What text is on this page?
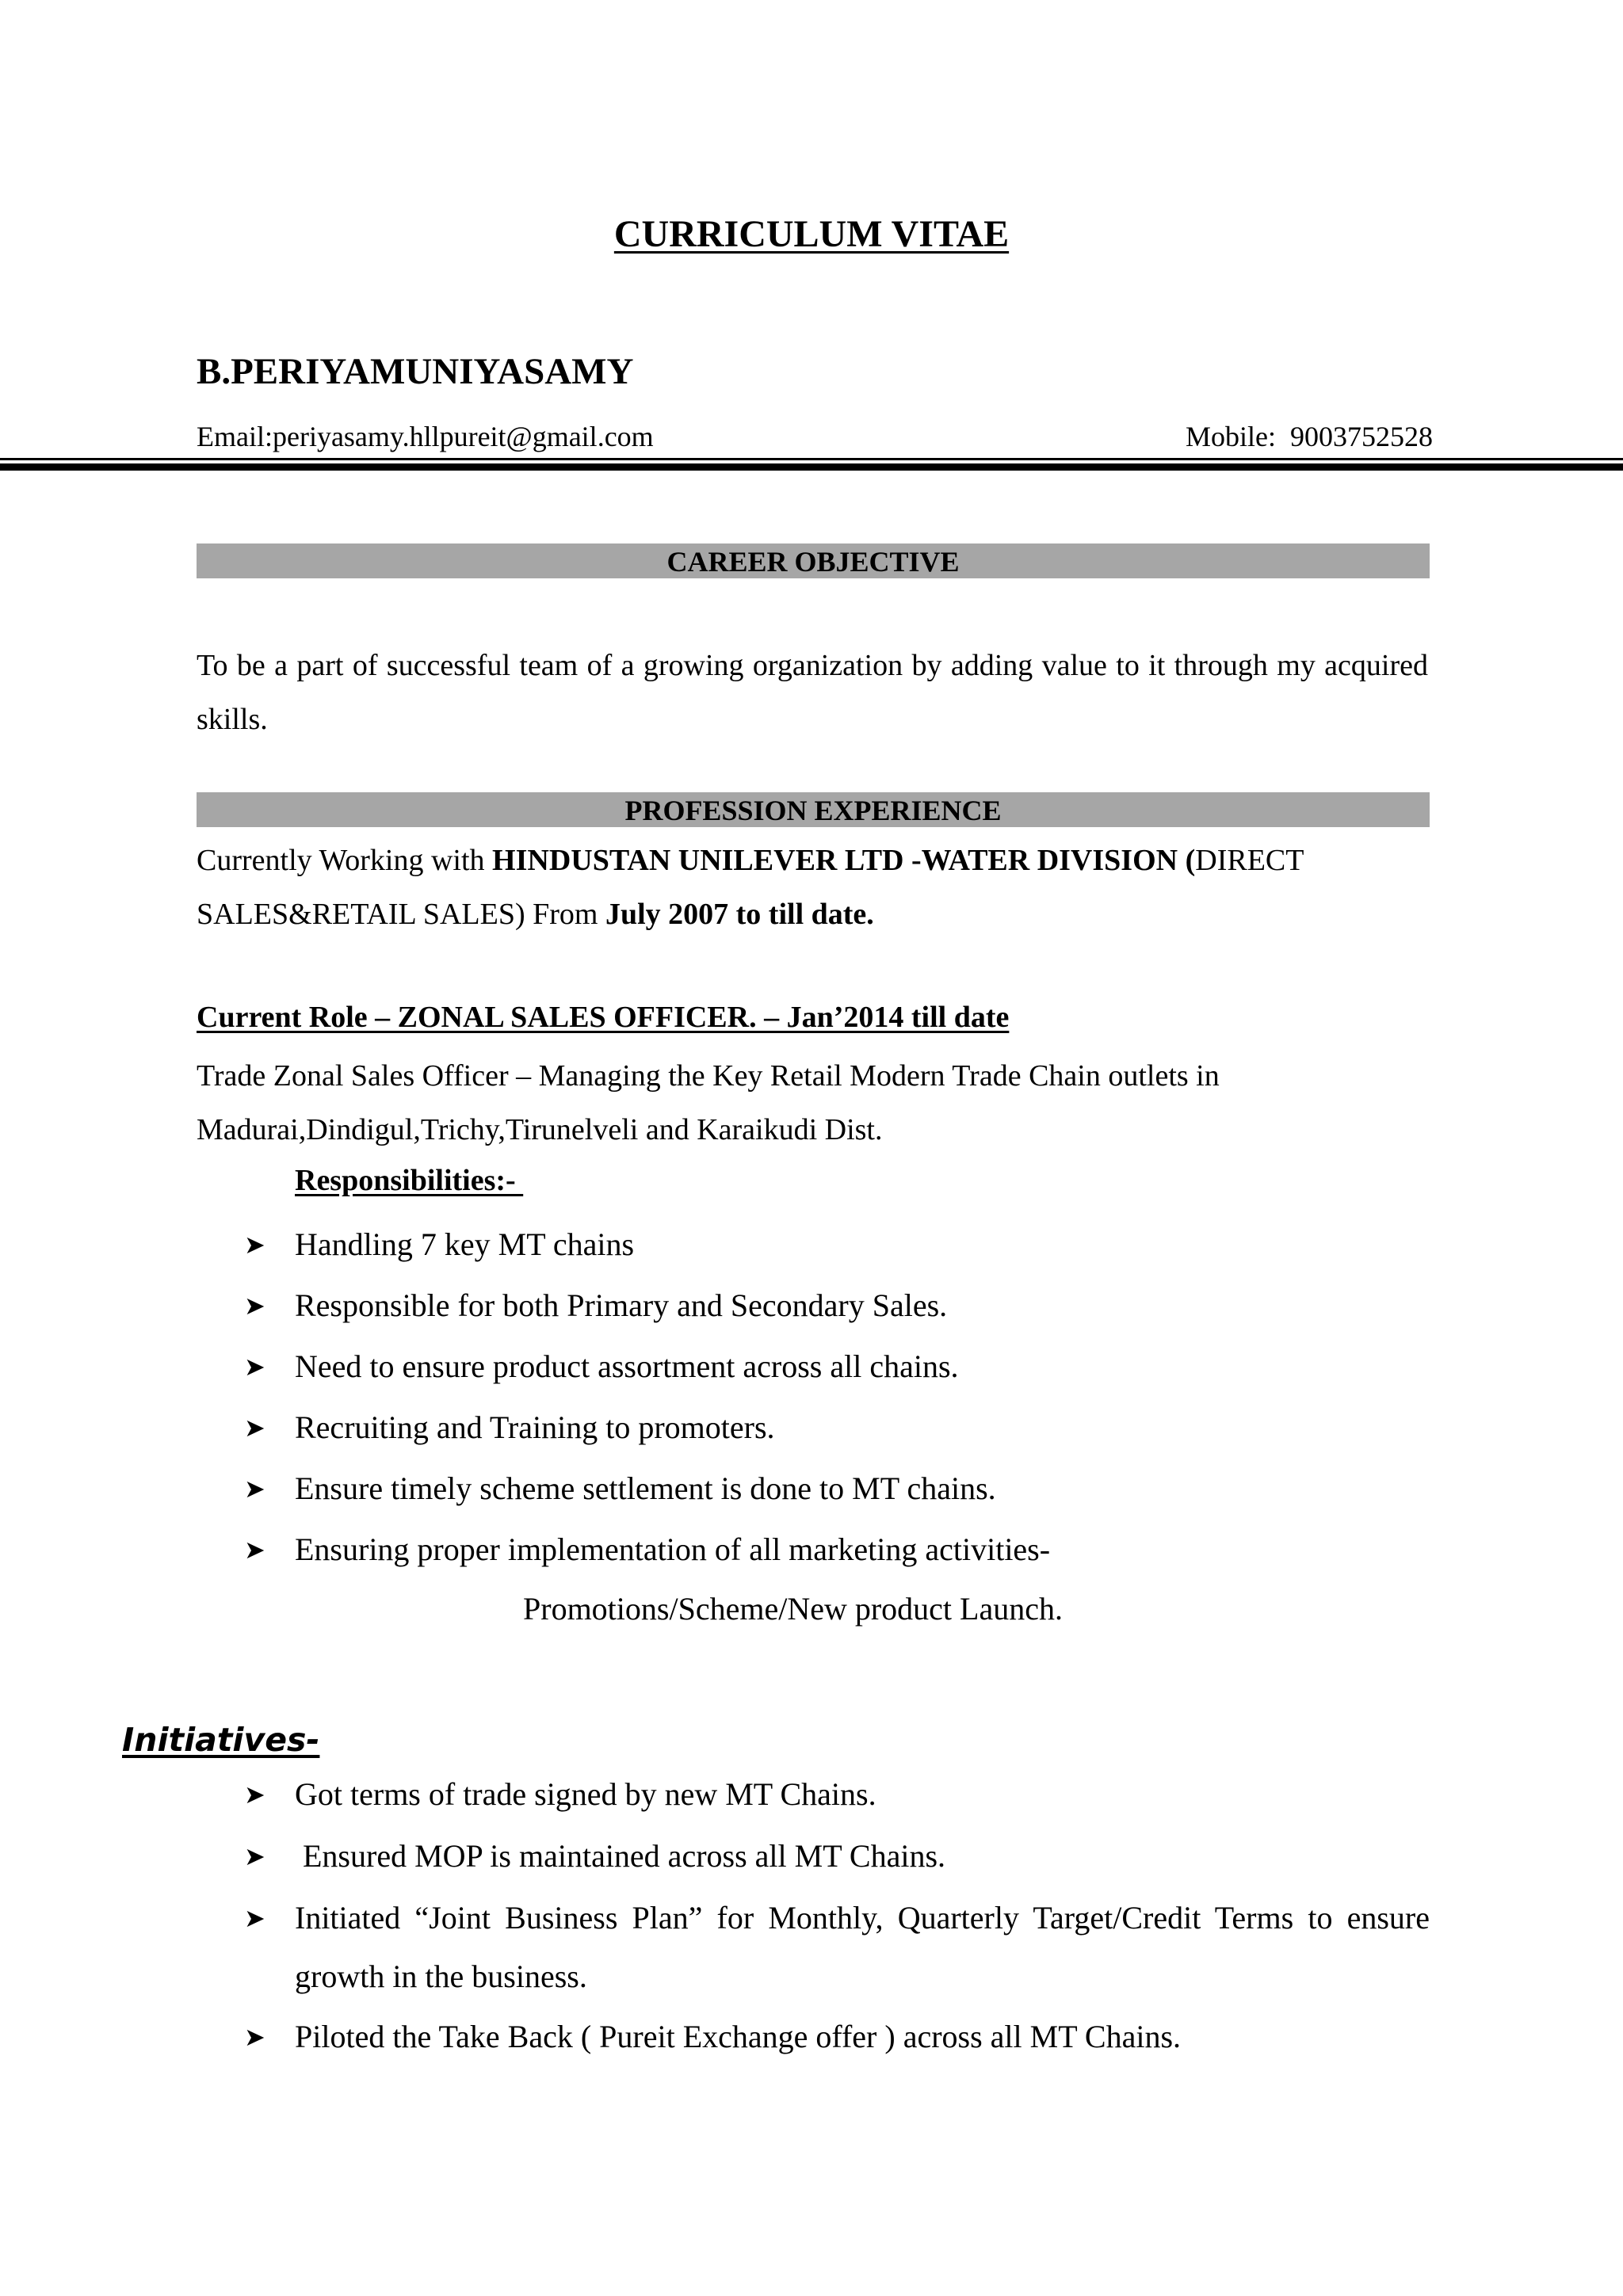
CURRICULUM VITAE
B.PERIYAMUNIYASAMY
Email:periyasamy.hllpureit@gmail.com	Mobile:  9003752528
CAREER OBJECTIVE
To be a part of successful team of a growing organization by adding value to it through my acquired skills.
PROFESSION EXPERIENCE
Currently Working with HINDUSTAN UNILEVER LTD -WATER DIVISION (DIRECT
SALES&RETAIL SALES) From July 2007 to till date.
Current Role – ZONAL SALES OFFICER. – Jan’2014 till date
Trade Zonal Sales Officer – Managing the Key Retail Modern Trade Chain outlets in
Madurai,Dindigul,Trichy,Tirunelveli and Karaikudi Dist.
Responsibilities:-
➤ Handling 7 key MT chains
➤ Responsible for both Primary and Secondary Sales.
➤ Need to ensure product assortment across all chains.
➤ Recruiting and Training to promoters.
➤ Ensure timely scheme settlement is done to MT chains.
➤ Ensuring proper implementation of all marketing activities-
Promotions/Scheme/New product Launch.
Initiatives-
➤ Got terms of trade signed by new MT Chains.
➤ Ensured MOP is maintained across all MT Chains.
➤ Initiated “Joint Business Plan” for Monthly, Quarterly Target/Credit Terms to ensure growth in the business.
➤ Piloted the Take Back ( Pureit Exchange offer ) across all MT Chains.
